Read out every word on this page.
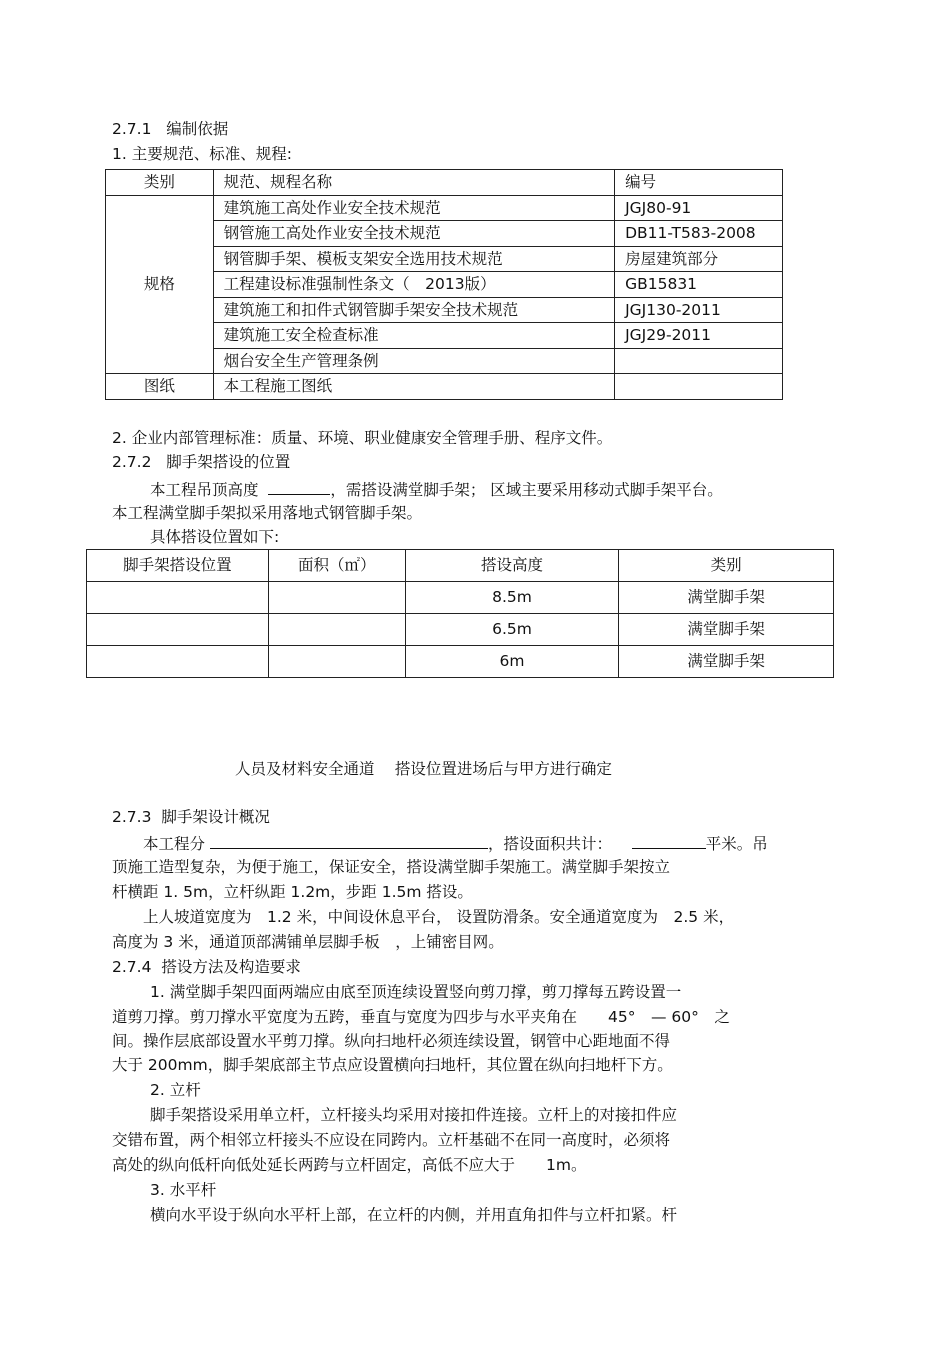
2.7.1 编制依据
1. 主要规范、标准、规程:
类别	规范、规程名称	编号
规格	建筑施工高处作业安全技术规范	JGJ80-91
	钢管施工高处作业安全技术规范	DB11-T583-2008
	钢管脚手架、模板支架安全选用技术规范	房屋建筑部分
	工程建设标准强制性条文（　2013版）	GB15831
	建筑施工和扣件式钢管脚手架安全技术规范	JGJ130-2011
	建筑施工安全检查标准	JGJ29-2011
	烟台安全生产管理条例	
图纸	本工程施工图纸	
2. 企业内部管理标准：质量、环境、职业健康安全管理手册、程序文件。
2.7.2 脚手架搭设的位置
本工程吊顶高度	，需搭设满堂脚手架； 区域主要采用移动式脚手架平台。
本工程满堂脚手架拟采用落地式钢管脚手架。
具体搭设位置如下:
脚手架搭设位置	面积（㎡）	搭设高度	类别
		8.5m	满堂脚手架
		6.5m	满堂脚手架
		6m	满堂脚手架
人员及材料安全通道　 搭设位置进场后与甲方进行确定
2.7.3 脚手架设计概况
本工程分	，搭设面积共计：	平米。吊
顶施工造型复杂，为便于施工，保证安全，搭设满堂脚手架施工。满堂脚手架按立
杆横距 1. 5m，立杆纵距 1.2m，步距 1.5m 搭设。
上人坡道宽度为　1.2 米，中间设休息平台， 设置防滑条。安全通道宽度为　2.5 米，
高度为 3 米，通道顶部满铺单层脚手板　，上铺密目网。
2.7.4 搭设方法及构造要求
1. 满堂脚手架四面两端应由底至顶连续设置竖向剪刀撑，剪刀撑每五跨设置一
道剪刀撑。剪刀撑水平宽度为五跨，垂直与宽度为四步与水平夹角在　　45°　— 60°　之
间。操作层底部设置水平剪刀撑。纵向扫地杆必须连续设置，钢管中心距地面不得
大于 200mm，脚手架底部主节点应设置横向扫地杆，其位置在纵向扫地杆下方。
2. 立杆
脚手架搭设采用单立杆，立杆接头均采用对接扣件连接。立杆上的对接扣件应
交错布置，两个相邻立杆接头不应设在同跨内。立杆基础不在同一高度时，必须将
高处的纵向低杆向低处延长两跨与立杆固定，高低不应大于　　1m。
3. 水平杆
横向水平设于纵向水平杆上部，在立杆的内侧，并用直角扣件与立杆扣紧。杆
